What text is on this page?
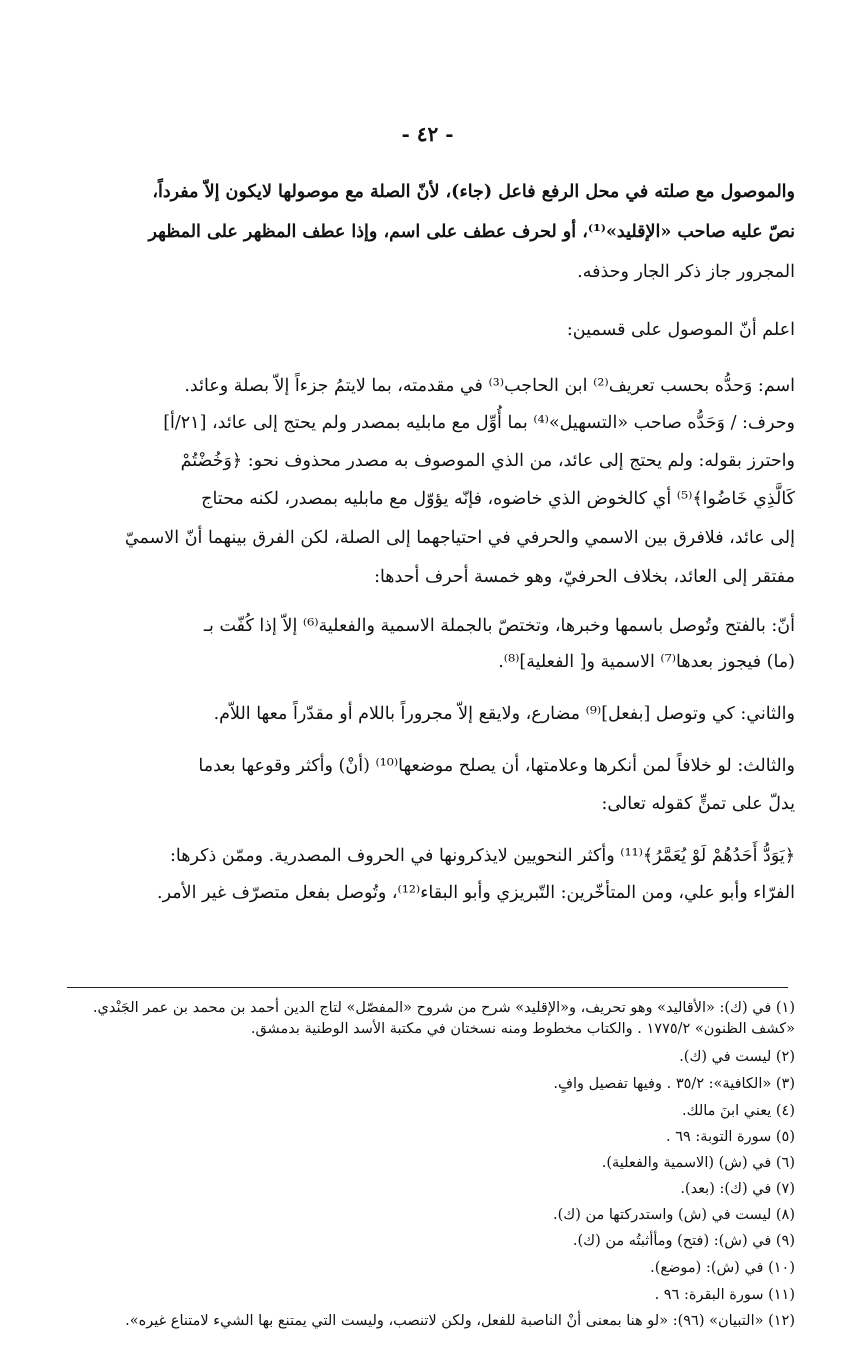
- ٤٢ -
والموصول مع صلته في محل الرفع فاعل (جاء)، لأنّ الصلة مع موصولها لايكون إلاّ مفرداً،
نصّ عليه صاحب «الإقليد»⁽¹⁾، أو لحرف عطف على اسم، وإذا عطف المظهر على المظهر
المجرور جاز ذكر الجار وحذفه.
اعلم أنّ الموصول على قسمين:
اسم: وَحدُّه بحسب تعريف⁽²⁾ ابن الحاجب⁽³⁾ في مقدمته، بما لايتمُ جزءاً إلاّ بصلة وعائد.
وحرف: / وَحَدُّه صاحب «التسهيل»⁽⁴⁾ بما أُوِّل مع مابليه بمصدر ولم يحتج إلى عائد، [٢١/أ]
واحترز بقوله: ولم يحتج إلى عائد، من الذي الموصوف به مصدر محذوف نحو: ﴿وَخُضْتُمْ
كَالَّذِي خَاضُوا﴾⁽⁵⁾ أي كالخوض الذي خاضوه، فإنّه يؤوّل مع مابليه بمصدر، لكنه محتاج
إلى عائد، فلافرق بين الاسمي والحرفي في احتياجهما إلى الصلة، لكن الفرق بينهما أنّ الاسميّ
مفتقر إلى العائد، بخلاف الحرفيّ، وهو خمسة أحرف أحدها:
أنّ: بالفتح وتُوصل باسمها وخبرها، وتختصّ بالجملة الاسمية والفعلية⁽⁶⁾ إلاّ إذا كُفّت بـ
(ما) فيجوز بعدها⁽⁷⁾ الاسمية و[ الفعلية]⁽⁸⁾.
والثاني: كي وتوصل [بفعل]⁽⁹⁾ مضارع، ولايقع إلاّ مجروراً باللام أو مقدّراً معها اللاّم.
والثالث: لو خلافاً لمن أنكرها وعلامتها، أن يصلح موضعها⁽¹⁰⁾ (أنْ) وأكثر وقوعها بعدما
يدلّ على تمنٍّ كقوله تعالى:
﴿يَوَدُّ أَحَدُهُمْ لَوْ يُعَمَّرُ﴾⁽¹¹⁾ وأكثر النحويين لايذكرونها في الحروف المصدرية. وممّن ذكرها:
الفرّاء وأبو علي، ومن المتأخّرين: التّبريزي وأبو البقاء⁽¹²⁾، وتُوصل بفعل متصرّف غير الأمر.
(١) في (ك): «الأقاليد» وهو تحريف، و«الإقليد» شرح من شروح «المفصّل» لتاج الدين أحمد بن محمد بن عمر الجَنْدي.
«كشف الظنون» ١٧٧٥/٢ . والكتاب مخطوط ومنه نسختان في مكتبة الأسد الوطنية بدمشق.
(٢) ليست في (ك).
(٣) «الكافية»: ٣٥/٢ . وفيها تفصيل وافٍ.
(٤) يعني ابنَ مالك.
(٥) سورة التوبة: ٦٩ .
(٦) في (ش) (الاسمية والفعلية).
(٧) في (ك): (بعد).
(٨) ليست في (ش) واستدركتها من (ك).
(٩) في (ش): (فتح) ومأأثبتُه من (ك).
(١٠) في (ش): (موضع).
(١١) سورة البقرة: ٩٦ .
(١٢) «التبيان» (٩٦): «لو هنا بمعنى أنْ الناصبة للفعل، ولكن لاتنصب، وليست التي يمتنع بها الشيء لامتناع غيره».
